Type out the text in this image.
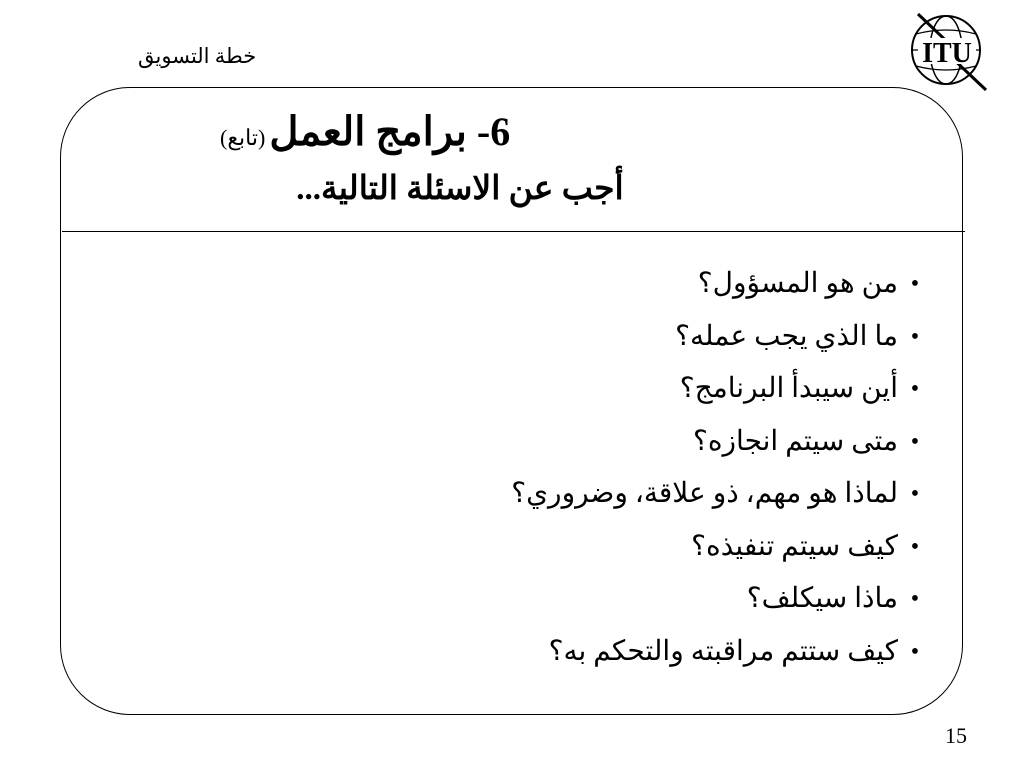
خطة التسويق	ITU
6- برامج العمل (تابع)
أجب عن الاسئلة التالية...
•
من هو المسؤول؟
•
ما الذي يجب عمله؟
•
أين سيبدأ البرنامج؟
•
متى سيتم انجازه؟
•
لماذا هو مهم، ذو علاقة، وضروري؟
•
كيف سيتم تنفيذه؟
•
ماذا سيكلف؟
•
كيف ستتم مراقبته والتحكم به؟
15
